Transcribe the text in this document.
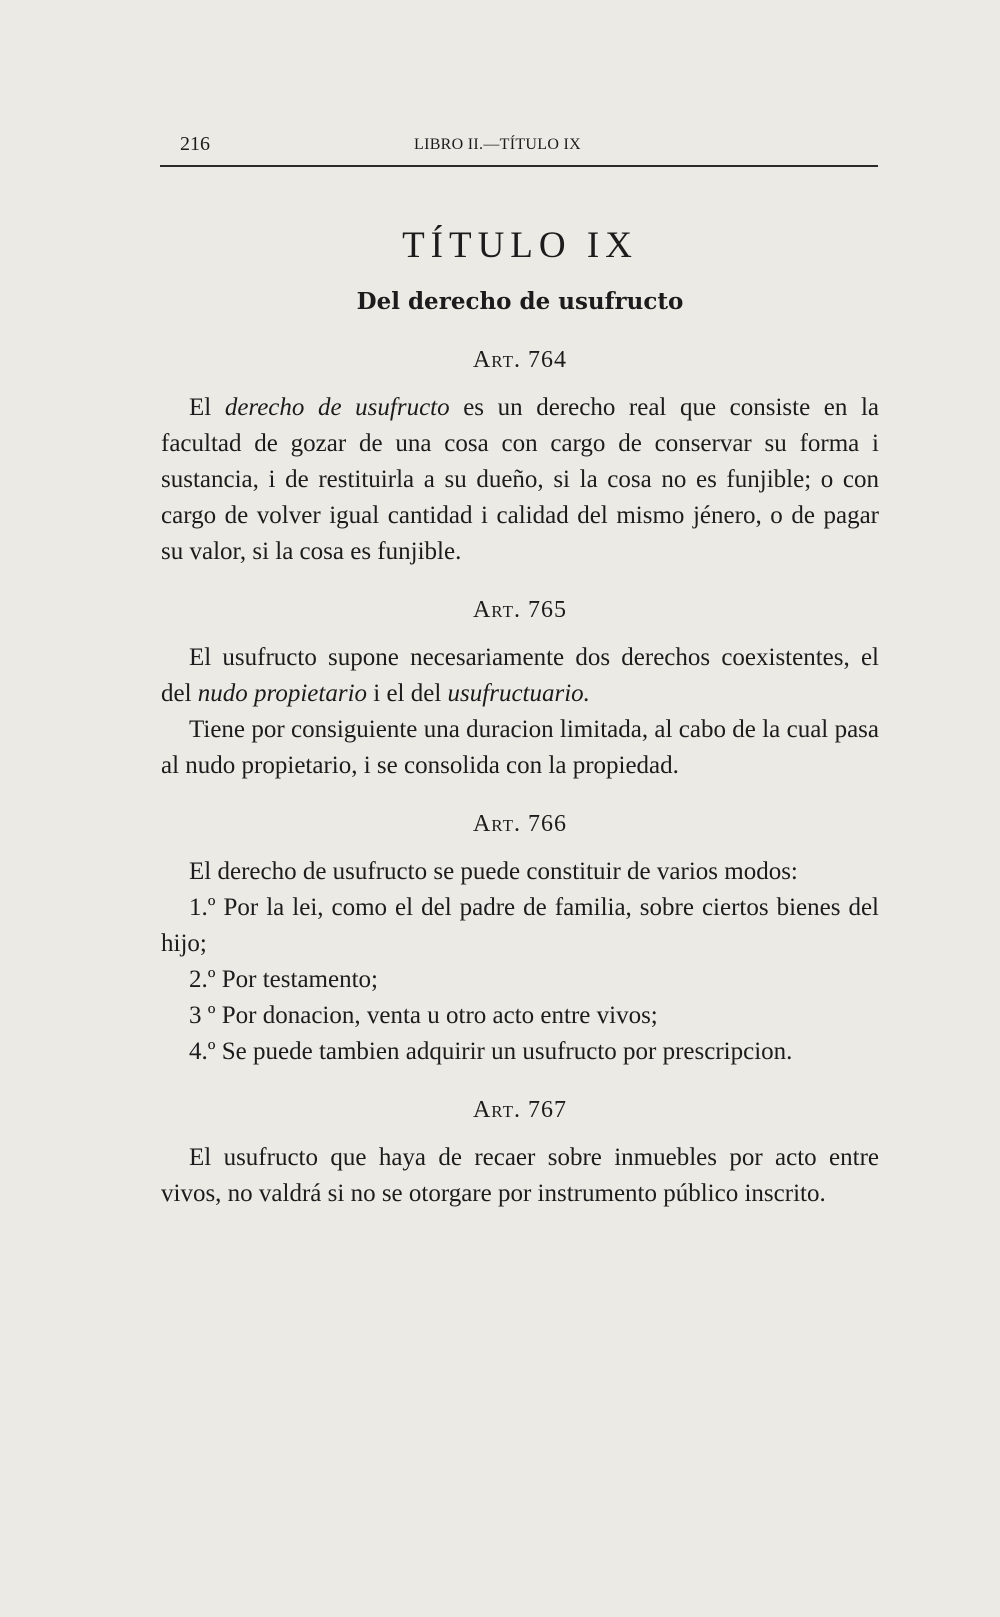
216	LIBRO II.—TÍTULO IX
TÍTULO IX
Del derecho de usufructo
Art. 764

El derecho de usufructo es un derecho real que consiste en la facultad de gozar de una cosa con cargo de conservar su forma i sustancia, i de restituirla a su dueño, si la cosa no es funjible; o con cargo de volver igual cantidad i calidad del mismo jénero, o de pagar su valor, si la cosa es funjible.

Art. 765

El usufructo supone necesariamente dos derechos coexistentes, el del nudo propietario i el del usufructuario.

Tiene por consiguiente una duracion limitada, al cabo de la cual pasa al nudo propietario, i se consolida con la propiedad.

Art. 766

El derecho de usufructo se puede constituir de varios modos:

1.º Por la lei, como el del padre de familia, sobre ciertos bienes del hijo;

2.º Por testamento;

3 º Por donacion, venta u otro acto entre vivos;

4.º Se puede tambien adquirir un usufructo por prescripcion.

Art. 767

El usufructo que haya de recaer sobre inmuebles por acto entre vivos, no valdrá si no se otorgare por instrumento público inscrito.
